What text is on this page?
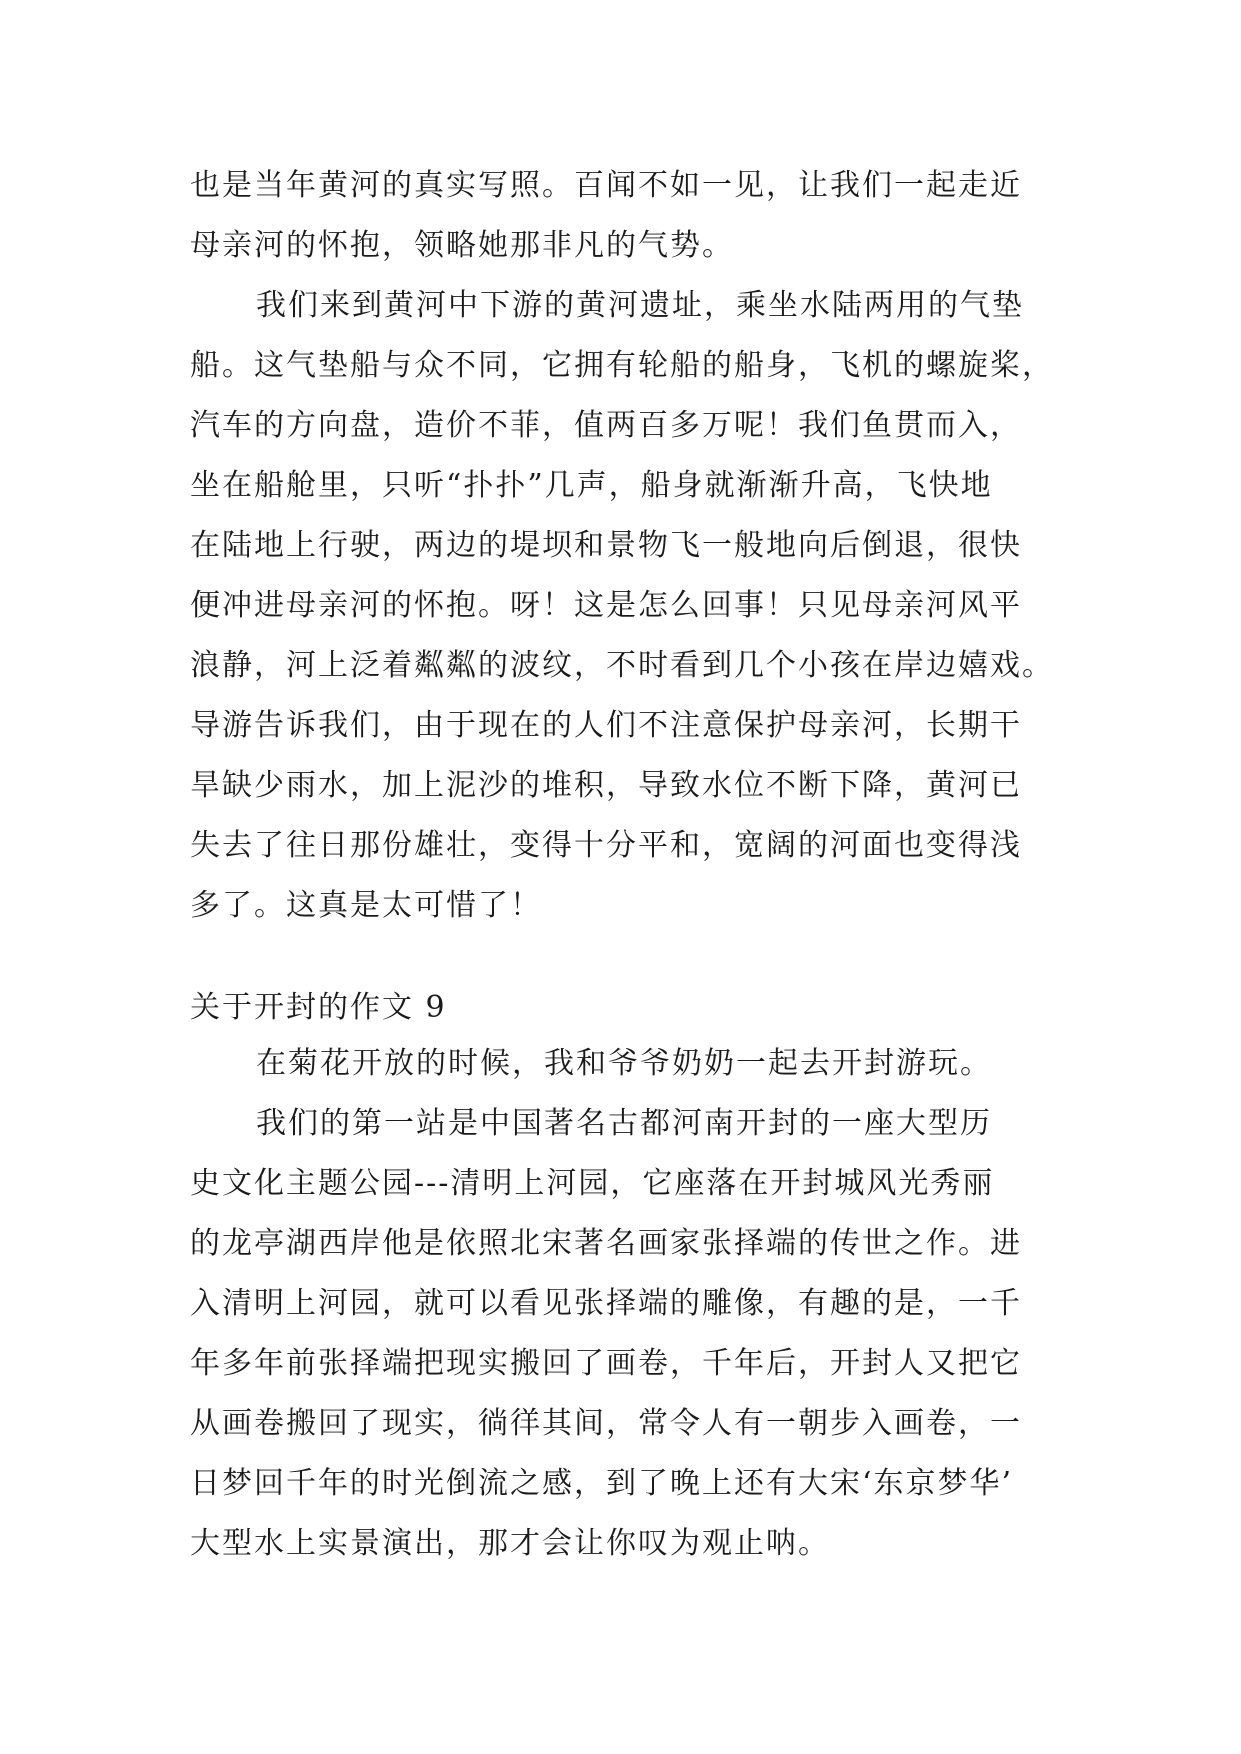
也是当年黄河的真实写照。百闻不如一见，让我们一起走近
母亲河的怀抱，领略她那非凡的气势。
我们来到黄河中下游的黄河遗址，乘坐水陆两用的气垫
船。这气垫船与众不同，它拥有轮船的船身，飞机的螺旋桨，
汽车的方向盘，造价不菲，值两百多万呢！我们鱼贯而入，
坐在船舱里，只听“扑扑”几声，船身就渐渐升高，飞快地
在陆地上行驶，两边的堤坝和景物飞一般地向后倒退，很快
便冲进母亲河的怀抱。呀！这是怎么回事！只见母亲河风平
浪静，河上泛着粼粼的波纹，不时看到几个小孩在岸边嬉戏。
导游告诉我们，由于现在的人们不注意保护母亲河，长期干
旱缺少雨水，加上泥沙的堆积，导致水位不断下降，黄河已
失去了往日那份雄壮，变得十分平和，宽阔的河面也变得浅
多了。这真是太可惜了！
关于开封的作文 9
在菊花开放的时候，我和爷爷奶奶一起去开封游玩。
我们的第一站是中国著名古都河南开封的一座大型历
史文化主题公园---清明上河园，它座落在开封城风光秀丽
的龙亭湖西岸他是依照北宋著名画家张择端的传世之作。进
入清明上河园，就可以看见张择端的雕像，有趣的是，一千
年多年前张择端把现实搬回了画卷，千年后，开封人又把它
从画卷搬回了现实，徜徉其间，常令人有一朝步入画卷，一
日梦回千年的时光倒流之感，到了晚上还有大宋‘东京梦华’
大型水上实景演出，那才会让你叹为观止呐。
